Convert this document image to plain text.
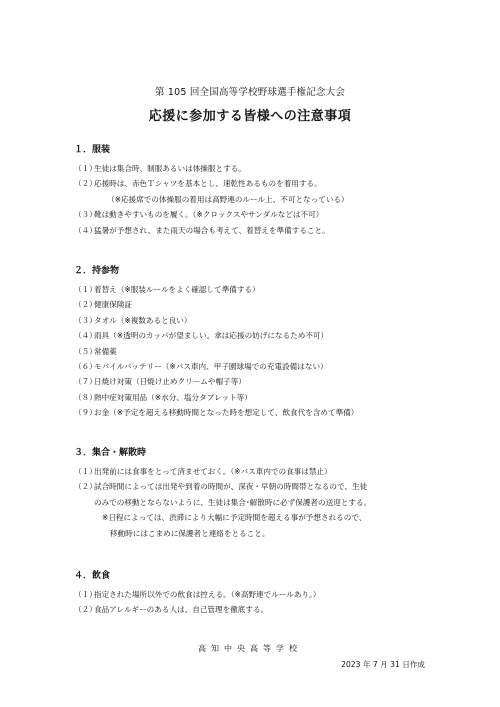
第 105 回全国高等学校野球選手権記念大会
応援に参加する皆様への注意事項
１．服装
（１）生徒は集合時、制服あるいは体操服とする。
（２）応援時は、赤色Ｔシャツを基本とし、速乾性あるものを着用する。
（※応援席での体操服の着用は高野連のルール上、不可となっている）
（３）靴は動きやすいものを履く。（※クロックスやサンダルなどは不可）
（４）猛暑が予想され、また雨天の場合も考えて、着替えを準備すること。
２．持参物
（１）着替え（※服装ルールをよく確認して準備する）
（２）健康保険証
（３）タオル（※複数あると良い）
（４）雨具（※透明のカッパが望ましい。傘は応援の妨げになるため不可）
（５）常備薬
（６）モバイルバッテリー（※バス車内、甲子園球場での充電設備はない）
（７）日焼け対策（日焼け止めクリームや帽子等）
（８）熱中症対策用品（※水分、塩分タブレット等）
（９）お金（※予定を超える移動時間となった時を想定して、飲食代を含めて準備）
３．集合・解散時
（１）出発前には食事をとって済ませておく。（※バス車内での食事は禁止）
（２）試合時間によっては出発や到着の時間が、深夜・早朝の時間帯となるので、生徒
のみでの移動とならないように、生徒は集合･解散時に必ず保護者の送迎とする。
※日程によっては、渋滞により大幅に予定時間を超える事が予想されるので、
移動時にはこまめに保護者と連絡をとること。
４．飲食
（１）指定された場所以外での飲食は控える。（※高野連でルールあり。）
（２）食品アレルギーのある人は、自己管理を徹底する。
高知中央高等学校
2023 年 7 月 31 日作成
